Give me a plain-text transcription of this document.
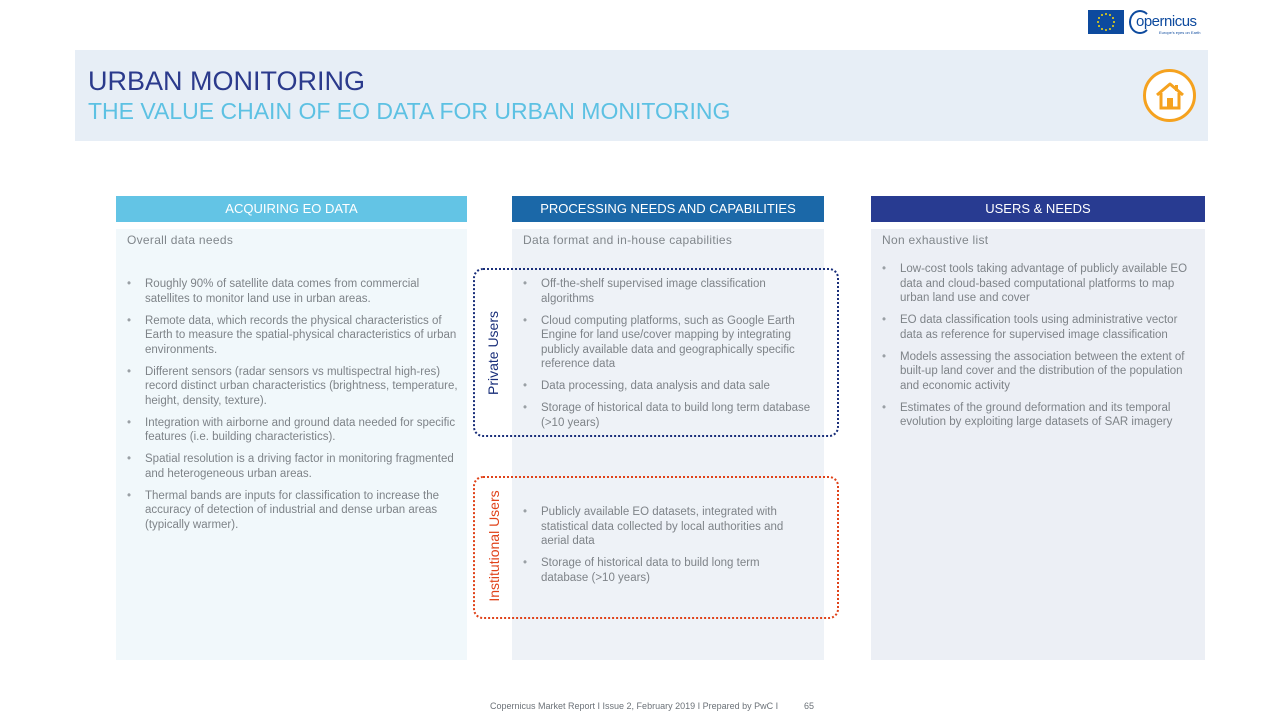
opernicus
Europe's eyes on Earth
URBAN MONITORING
THE VALUE CHAIN OF EO DATA FOR URBAN MONITORING
ACQUIRING EO DATA
Overall data needs
• Roughly 90% of satellite data comes from commercial satellites to monitor land use in urban areas.
• Remote data, which records the physical characteristics of Earth to measure the spatial-physical characteristics of urban environments.
• Different sensors (radar sensors vs multispectral high-res) record distinct urban characteristics (brightness, temperature, height, density, texture).
• Integration with airborne and ground data needed for specific features (i.e. building characteristics).
• Spatial resolution is a driving factor in monitoring fragmented and heterogeneous urban areas.
• Thermal bands are inputs for classification to increase the accuracy of detection of industrial and dense urban areas (typically warmer).
PROCESSING NEEDS AND CAPABILITIES
Data format and in-house capabilities
• Off-the-shelf supervised image classification algorithms
• Cloud computing platforms, such as Google Earth Engine for land use/cover mapping by integrating publicly available data and geographically specific reference data
• Data processing, data analysis and data sale
• Storage of historical data to build long term database (>10 years)
• Publicly available EO datasets, integrated with statistical data collected by local authorities and aerial data
• Storage of historical data to build long term database (>10 years)
USERS & NEEDS
Non exhaustive list
• Low-cost tools taking advantage of publicly available EO data and cloud-based computational platforms to map urban land use and cover
• EO data classification tools using administrative vector data as reference for supervised image classification
• Models assessing the association between the extent of built-up land cover and the distribution of the population and economic activity
• Estimates of the ground deformation and its temporal evolution by exploiting large datasets of SAR imagery
Private Users
Institutional Users
Copernicus Market Report I Issue 2, February 2019 I Prepared by PwC I	65
